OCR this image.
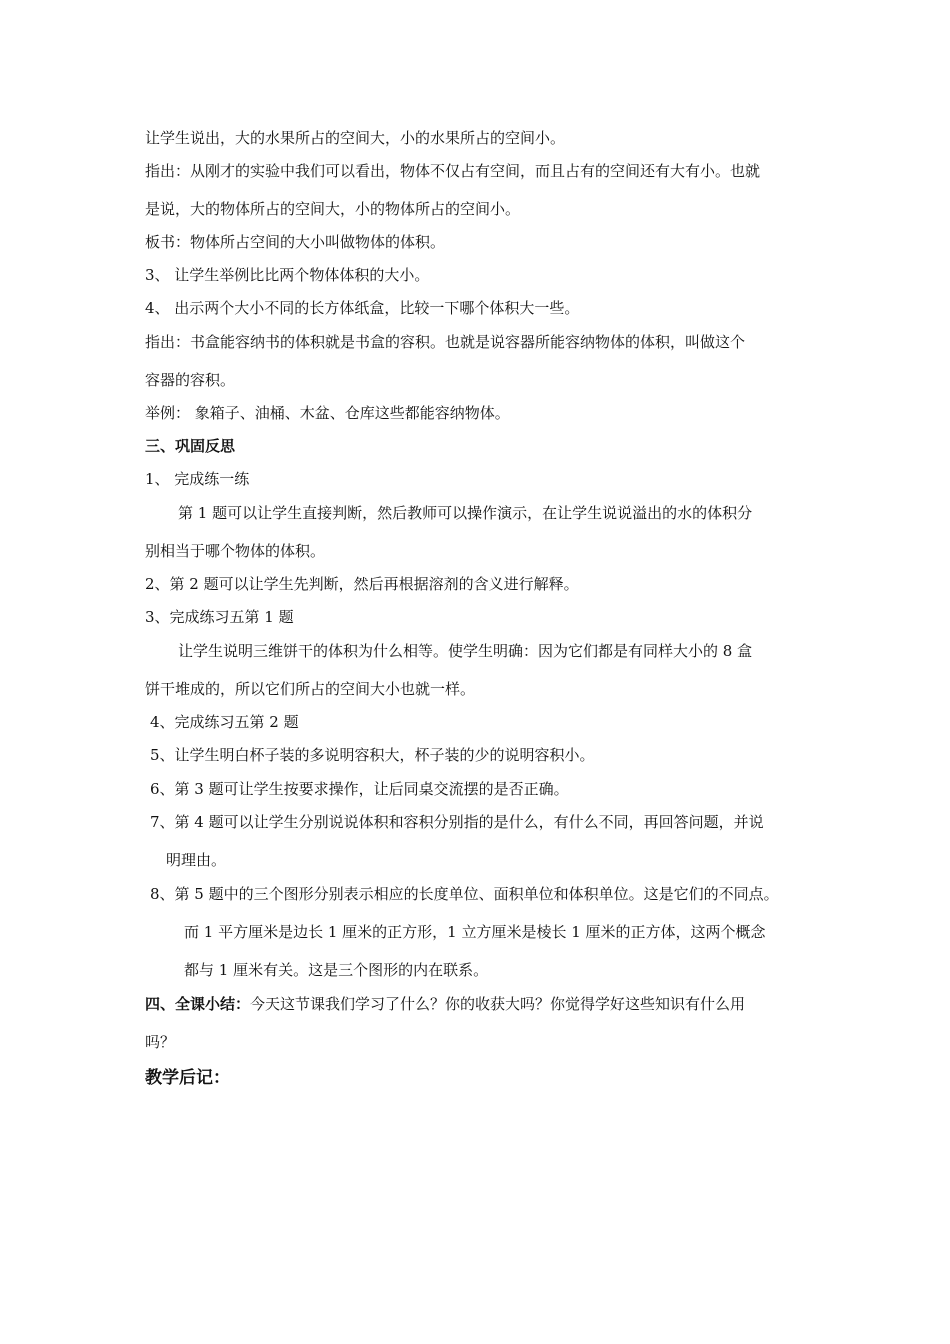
让学生说出，大的水果所占的空间大，小的水果所占的空间小。
指出：从刚才的实验中我们可以看出，物体不仅占有空间，而且占有的空间还有大有小。也就
是说，大的物体所占的空间大，小的物体所占的空间小。
板书：物体所占空间的大小叫做物体的体积。
3、 让学生举例比比两个物体体积的大小。
4、 出示两个大小不同的长方体纸盒，比较一下哪个体积大一些。
指出：书盒能容纳书的体积就是书盒的容积。也就是说容器所能容纳物体的体积，叫做这个
容器的容积。
举例： 象箱子、油桶、木盆、仓库这些都能容纳物体。
三、巩固反思
1、 完成练一练
第 1 题可以让学生直接判断，然后教师可以操作演示，在让学生说说溢出的水的体积分
别相当于哪个物体的体积。
2、第 2 题可以让学生先判断，然后再根据溶剂的含义进行解释。
3、完成练习五第 1 题
让学生说明三维饼干的体积为什么相等。使学生明确：因为它们都是有同样大小的 8 盒
饼干堆成的，所以它们所占的空间大小也就一样。
4、完成练习五第 2 题
5、让学生明白杯子装的多说明容积大，杯子装的少的说明容积小。
6、第 3 题可让学生按要求操作，让后同桌交流摆的是否正确。
7、第 4 题可以让学生分别说说体积和容积分别指的是什么，有什么不同，再回答问题，并说
明理由。
8、第 5 题中的三个图形分别表示相应的长度单位、面积单位和体积单位。这是它们的不同点。
而 1 平方厘米是边长 1 厘米的正方形，1 立方厘米是棱长 1 厘米的正方体，这两个概念
都与 1 厘米有关。这是三个图形的内在联系。
四、全课小结：今天这节课我们学习了什么？你的收获大吗？你觉得学好这些知识有什么用
吗？
教学后记：
